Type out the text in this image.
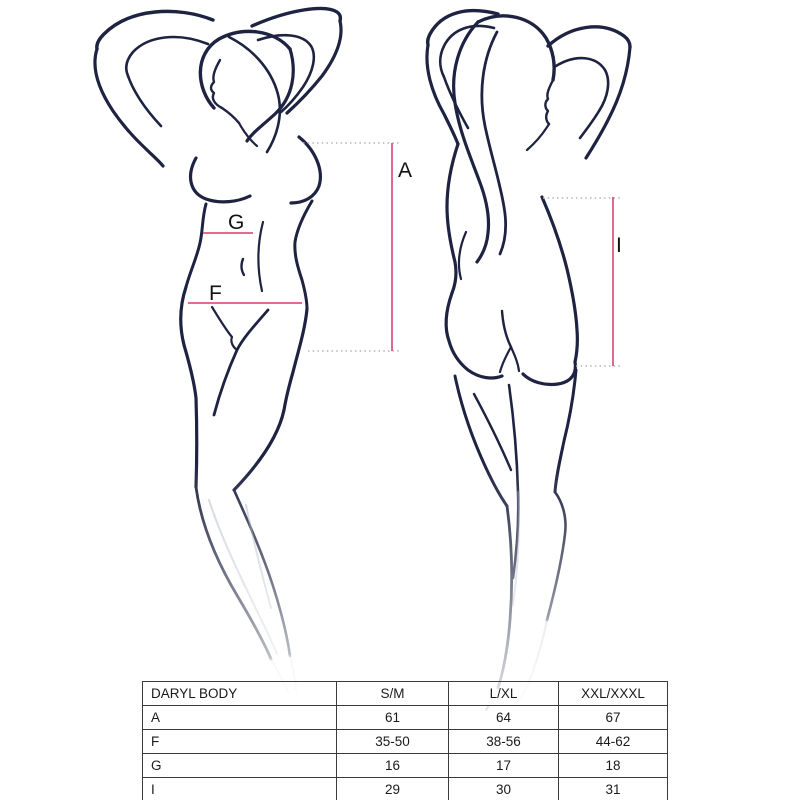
A
G
F
I
DARYL BODY	S/M	L/XL	XXL/XXXL
A	61	64	67
F	35-50	38-56	44-62
G	16	17	18
I	29	30	31
